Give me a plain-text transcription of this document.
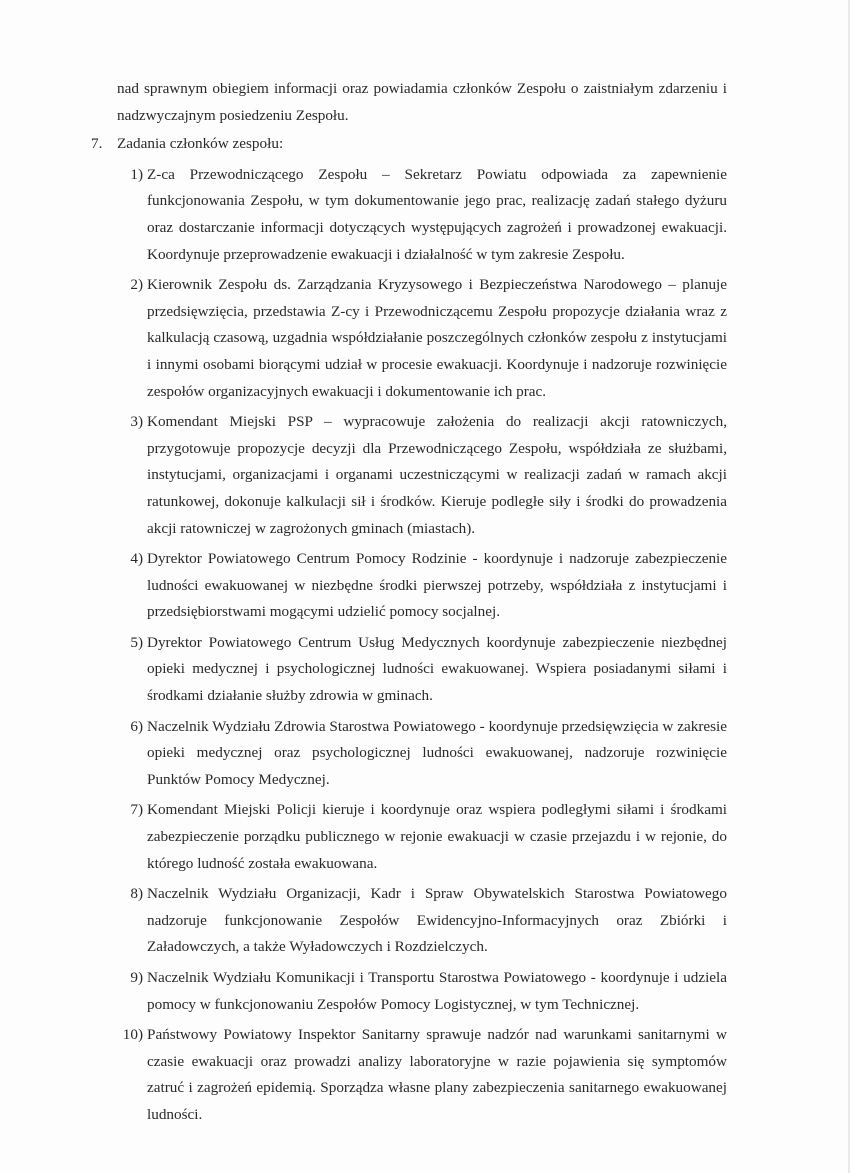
nad sprawnym obiegiem informacji oraz powiadamia członków Zespołu o zaistniałym zdarzeniu i nadzwyczajnym posiedzeniu Zespołu.

7. Zadania członków zespołu:
1) Z-ca Przewodniczącego Zespołu – Sekretarz Powiatu odpowiada za zapewnienie funkcjonowania Zespołu, w tym dokumentowanie jego prac, realizację zadań stałego dyżuru oraz dostarczanie informacji dotyczących występujących zagrożeń i prowadzonej ewakuacji. Koordynuje przeprowadzenie ewakuacji i działalność w tym zakresie Zespołu.
2) Kierownik Zespołu ds. Zarządzania Kryzysowego i Bezpieczeństwa Narodowego – planuje przedsięwzięcia, przedstawia Z-cy i Przewodniczącemu Zespołu propozycje działania wraz z kalkulacją czasową, uzgadnia współdziałanie poszczególnych członków zespołu z instytucjami i innymi osobami biorącymi udział w procesie ewakuacji. Koordynuje i nadzoruje rozwinięcie zespołów organizacyjnych ewakuacji i dokumentowanie ich prac.
3) Komendant Miejski PSP – wypracowuje założenia do realizacji akcji ratowniczych, przygotowuje propozycje decyzji dla Przewodniczącego Zespołu, współdziała ze służbami, instytucjami, organizacjami i organami uczestniczącymi w realizacji zadań w ramach akcji ratunkowej, dokonuje kalkulacji sił i środków. Kieruje podległe siły i środki do prowadzenia akcji ratowniczej w zagrożonych gminach (miastach).
4) Dyrektor Powiatowego Centrum Pomocy Rodzinie - koordynuje i nadzoruje zabezpieczenie ludności ewakuowanej w niezbędne środki pierwszej potrzeby, współdziała z instytucjami i przedsiębiorstwami mogącymi udzielić pomocy socjalnej.
5) Dyrektor Powiatowego Centrum Usług Medycznych koordynuje zabezpieczenie niezbędnej opieki medycznej i psychologicznej ludności ewakuowanej. Wspiera posiadanymi siłami i środkami działanie służby zdrowia w gminach.
6) Naczelnik Wydziału Zdrowia Starostwa Powiatowego - koordynuje przedsięwzięcia w zakresie opieki medycznej oraz psychologicznej ludności ewakuowanej, nadzoruje rozwinięcie Punktów Pomocy Medycznej.
7) Komendant Miejski Policji kieruje i koordynuje oraz wspiera podległymi siłami i środkami zabezpieczenie porządku publicznego w rejonie ewakuacji w czasie przejazdu i w rejonie, do którego ludność została ewakuowana.
8) Naczelnik Wydziału Organizacji, Kadr i Spraw Obywatelskich Starostwa Powiatowego nadzoruje funkcjonowanie Zespołów Ewidencyjno-Informacyjnych oraz Zbiórki i Załadowczych, a także Wyładowczych i Rozdzielczych.
9) Naczelnik Wydziału Komunikacji i Transportu Starostwa Powiatowego - koordynuje i udziela pomocy w funkcjonowaniu Zespołów Pomocy Logistycznej, w tym Technicznej.
10) Państwowy Powiatowy Inspektor Sanitarny sprawuje nadzór nad warunkami sanitarnymi w czasie ewakuacji oraz prowadzi analizy laboratoryjne w razie pojawienia się symptomów zatruć i zagrożeń epidemią. Sporządza własne plany zabezpieczenia sanitarnego ewakuowanej ludności.
